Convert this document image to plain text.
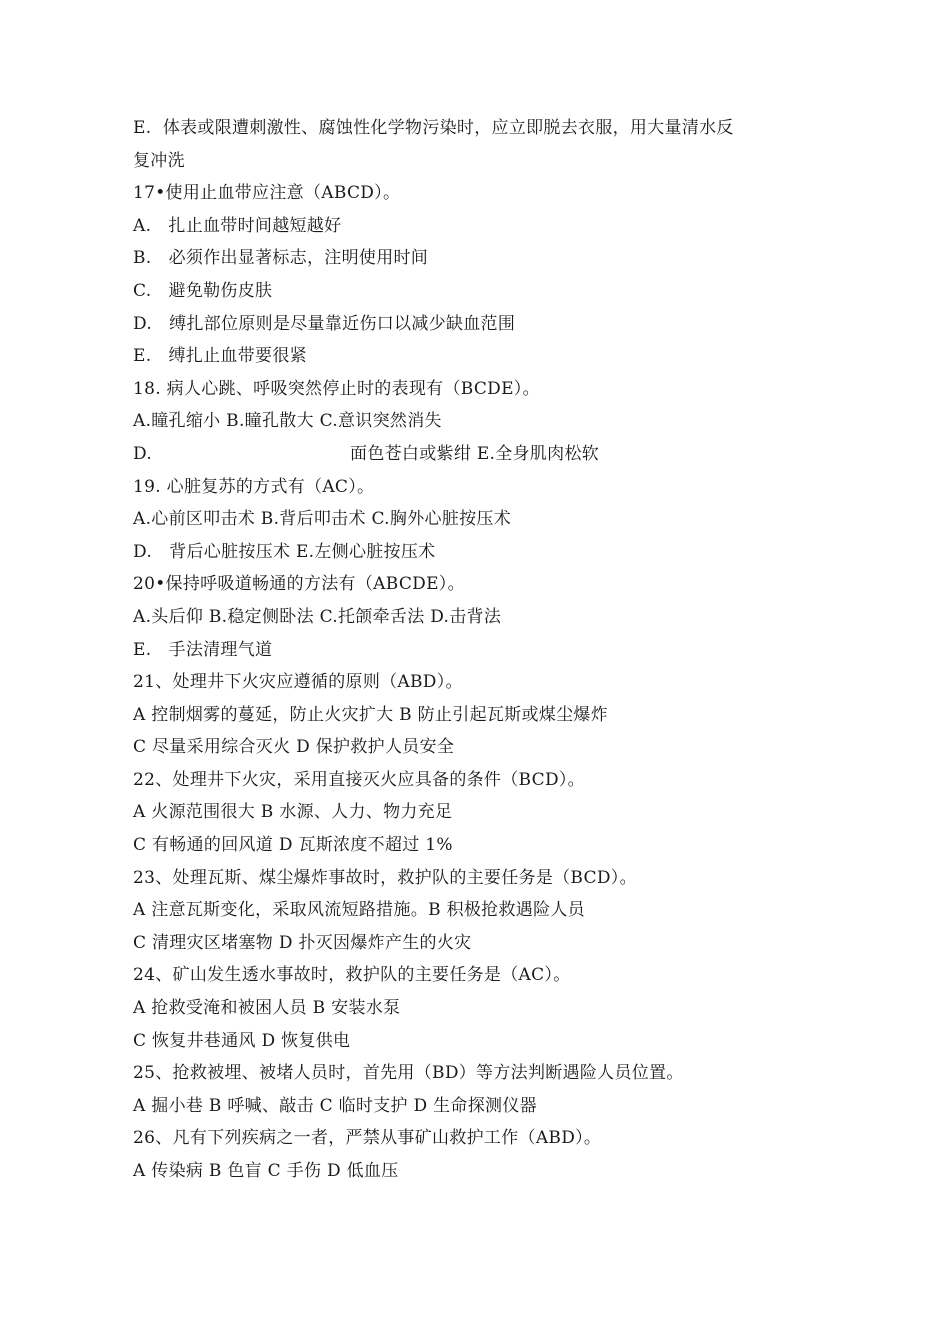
E.  体表或限遭刺激性、腐蚀性化学物污染时，应立即脱去衣服，用大量清水反
复冲洗
17•使用止血带应注意（ABCD）。
A.   扎止血带时间越短越好
B.   必须作出显著标志，注明使用时间
C.   避免勒伤皮肤
D.   缚扎部位原则是尽量靠近伤口以减少缺血范围
E.   缚扎止血带要很紧
18. 病人心跳、呼吸突然停止时的表现有（BCDE）。
A.瞳孔缩小 B.瞳孔散大 C.意识突然消失
D.	面色苍白或紫绀 E.全身肌肉松软
19. 心脏复苏的方式有（AC）。
A.心前区叩击术 B.背后叩击术 C.胸外心脏按压术
D.   背后心脏按压术 E.左侧心脏按压术
20•保持呼吸道畅通的方法有（ABCDE）。
A.头后仰 B.稳定侧卧法 C.托颌牵舌法 D.击背法
E.   手法清理气道
21、处理井下火灾应遵循的原则（ABD）。
A 控制烟雾的蔓延，防止火灾扩大 B 防止引起瓦斯或煤尘爆炸
C 尽量采用综合灭火 D 保护救护人员安全
22、处理井下火灾，采用直接灭火应具备的条件（BCD）。
A 火源范围很大 B 水源、人力、物力充足
C 有畅通的回风道 D 瓦斯浓度不超过 1%
23、处理瓦斯、煤尘爆炸事故时，救护队的主要任务是（BCD）。
A 注意瓦斯变化，采取风流短路措施。B 积极抢救遇险人员
C 清理灾区堵塞物 D 扑灭因爆炸产生的火灾
24、矿山发生透水事故时，救护队的主要任务是（AC）。
A 抢救受淹和被困人员 B 安装水泵
C 恢复井巷通风 D 恢复供电
25、抢救被埋、被堵人员时，首先用（BD）等方法判断遇险人员位置。
A 掘小巷 B 呼喊、敲击 C 临时支护 D 生命探测仪器
26、凡有下列疾病之一者，严禁从事矿山救护工作（ABD）。
A 传染病 B 色盲 C 手伤 D 低血压
